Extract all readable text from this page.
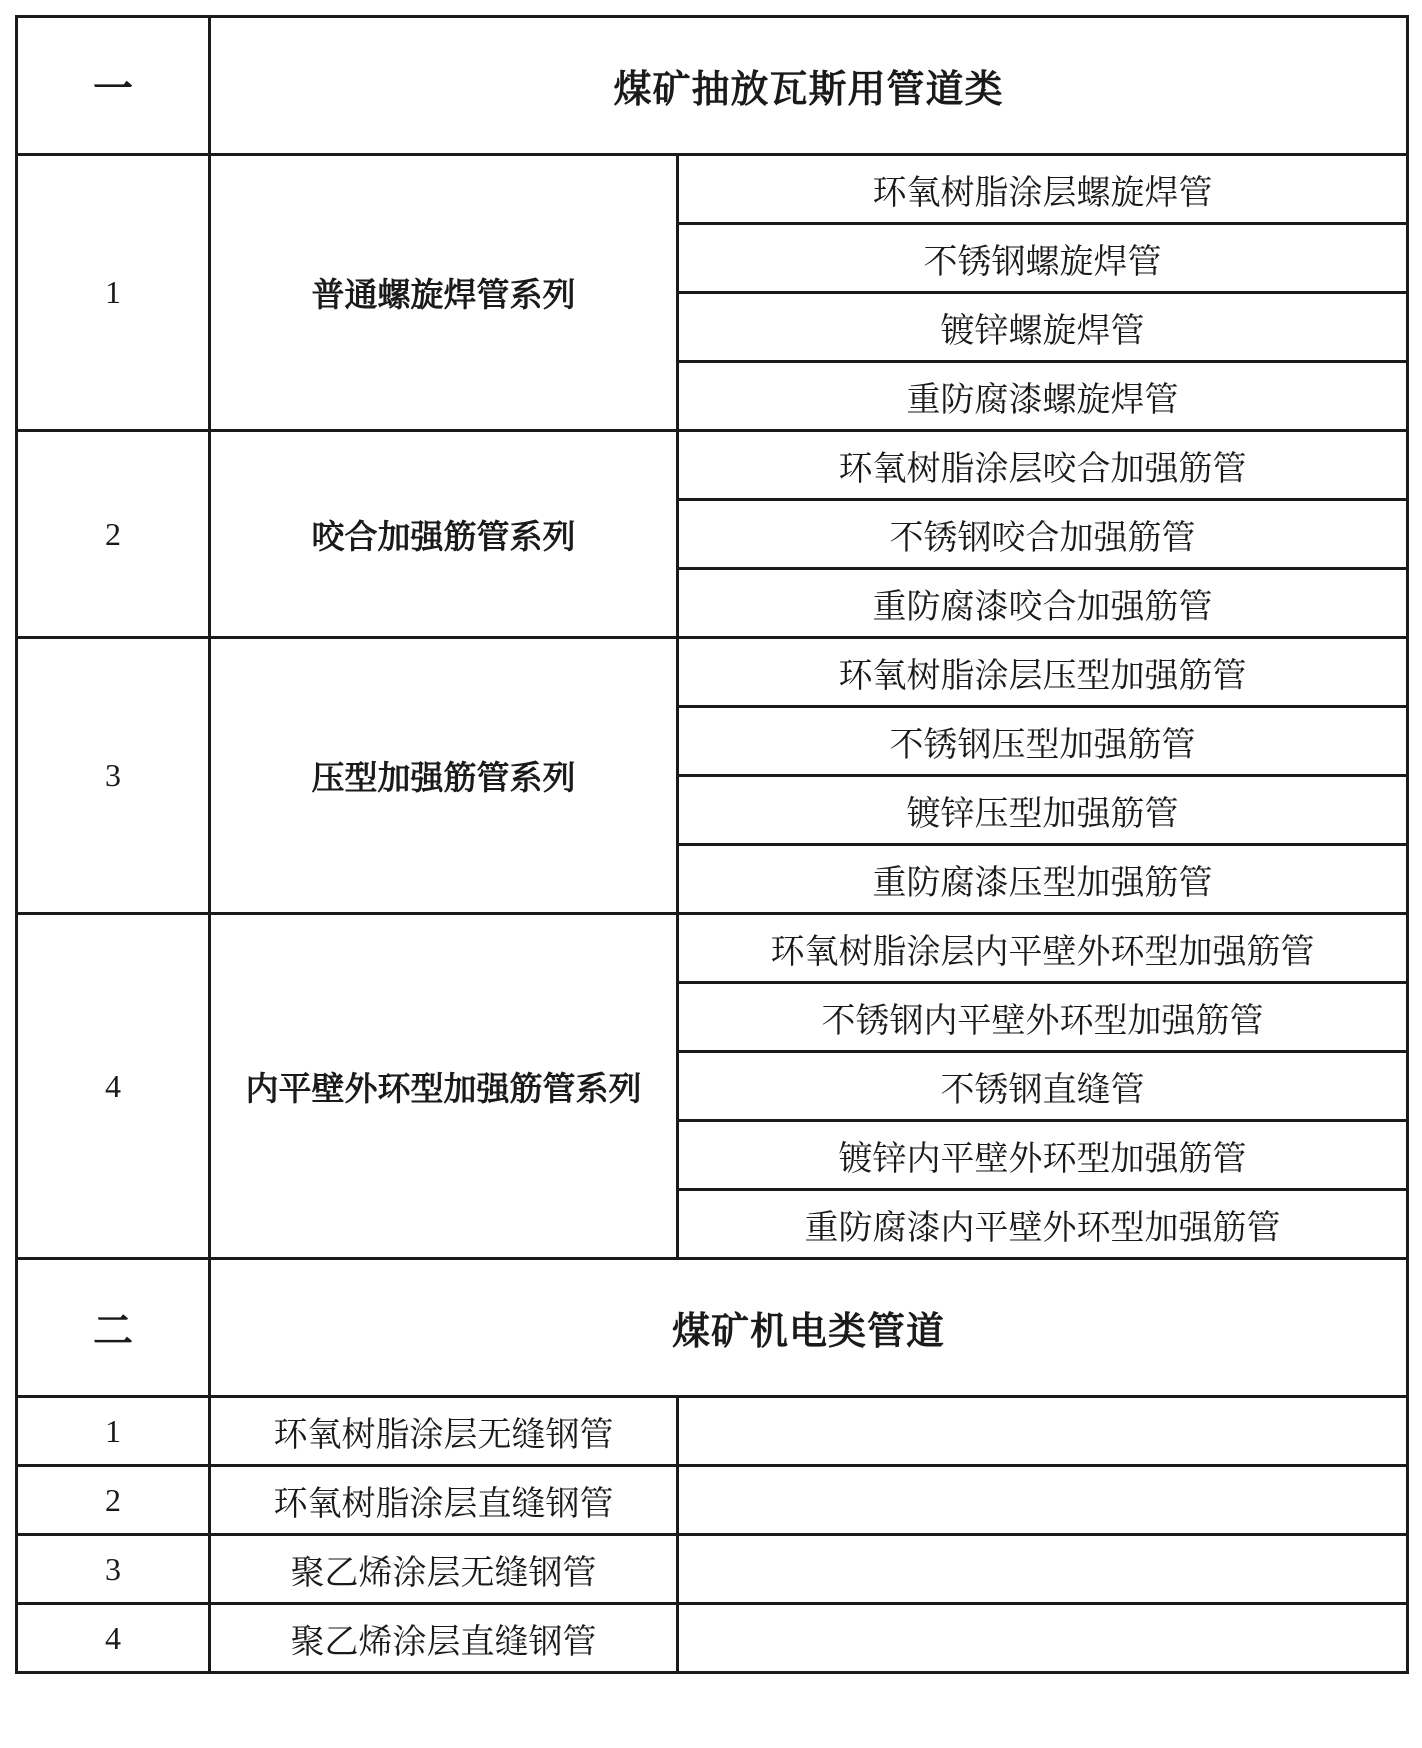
一	煤矿抽放瓦斯用管道类	
1	普通螺旋焊管系列	环氧树脂涂层螺旋焊管
		不锈钢螺旋焊管
		镀锌螺旋焊管
		重防腐漆螺旋焊管
2	咬合加强筋管系列	环氧树脂涂层咬合加强筋管
		不锈钢咬合加强筋管
		重防腐漆咬合加强筋管
3	压型加强筋管系列	环氧树脂涂层压型加强筋管
		不锈钢压型加强筋管
		镀锌压型加强筋管
		重防腐漆压型加强筋管
4	内平壁外环型加强筋管系列	环氧树脂涂层内平壁外环型加强筋管
		不锈钢内平壁外环型加强筋管
		不锈钢直缝管
		镀锌内平壁外环型加强筋管
		重防腐漆内平壁外环型加强筋管
二	煤矿机电类管道	
1	环氧树脂涂层无缝钢管	
2	环氧树脂涂层直缝钢管	
3	聚乙烯涂层无缝钢管	
4	聚乙烯涂层直缝钢管	
